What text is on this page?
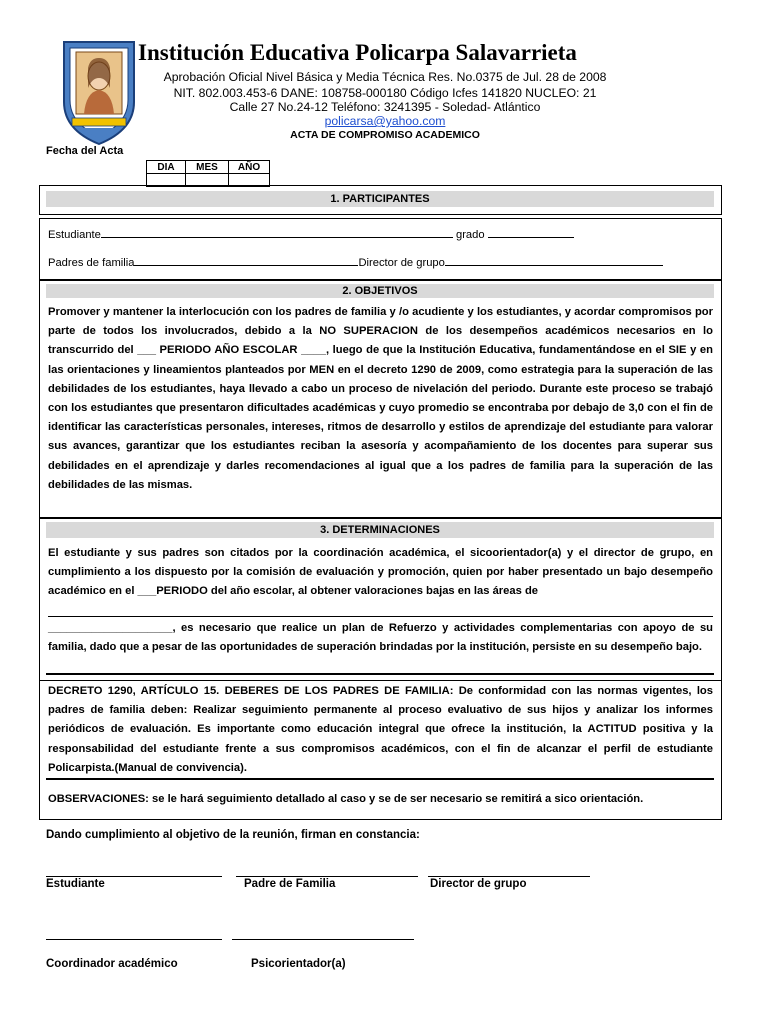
Institución Educativa Policarpa Salavarrieta
Aprobación Oficial Nivel Básica y Media Técnica Res. No.0375 de Jul. 28 de 2008
NIT. 802.003.453-6 DANE: 108758-000180 Código Icfes 141820 NUCLEO: 21
Calle 27 No.24-12 Teléfono: 3241395 - Soledad- Atlántico
policarsa@yahoo.com
ACTA DE COMPROMISO ACADEMICO
Fecha del Acta
DIA	MES	AÑO

1. PARTICIPANTES
Estudiante	grado
Padres de familia	Director de grupo
2. OBJETIVOS
Promover y mantener la interlocución con los padres de familia y /o acudiente y los estudiantes, y acordar compromisos por parte de todos los involucrados, debido a la NO SUPERACION de los desempeños académicos necesarios en lo transcurrido del ___ PERIODO AÑO ESCOLAR ____, luego de que la Institución Educativa, fundamentándose en el SIE y en las orientaciones y lineamientos planteados por MEN en el decreto 1290 de 2009, como estrategia para la superación de las debilidades de los estudiantes, haya llevado a cabo un proceso de nivelación del periodo. Durante este proceso se trabajó con los estudiantes que presentaron dificultades académicas y cuyo promedio se encontraba por debajo de 3,0 con el fin de identificar las características personales, intereses, ritmos de desarrollo y estilos de aprendizaje del estudiante para valorar sus avances, garantizar que los estudiantes reciban la asesoría y acompañamiento de los docentes para superar sus debilidades en el aprendizaje y darles recomendaciones al igual que a los padres de familia para la superación de las debilidades de las mismas.
3. DETERMINACIONES
El estudiante y sus padres son citados por la coordinación académica, el sicoorientador(a) y el director de grupo, en cumplimiento a los dispuesto por la comisión de evaluación y promoción, quien por haber presentado un bajo desempeño académico en el ___PERIODO del año escolar, al obtener valoraciones bajas en las áreas de
____________________, es necesario que realice un plan de Refuerzo y actividades complementarias con apoyo de su familia, dado que a pesar de las oportunidades de superación brindadas por la institución, persiste en su desempeño bajo.
DECRETO 1290, ARTÍCULO 15. DEBERES DE LOS PADRES DE FAMILIA: De conformidad con las normas vigentes, los padres de familia deben: Realizar seguimiento permanente al proceso evaluativo de sus hijos y analizar los informes periódicos de evaluación. Es importante como educación integral que ofrece la institución, la ACTITUD positiva y la responsabilidad del estudiante frente a sus compromisos académicos, con el fin de alcanzar el perfil de estudiante Policarpista.(Manual de convivencia).
OBSERVACIONES: se le hará seguimiento detallado al caso y se de ser necesario se remitirá a sico orientación.
Dando cumplimiento al objetivo de la reunión, firman en constancia:
Estudiante	Padre de Familia	Director de grupo
Coordinador académico	Psicorientador(a)
